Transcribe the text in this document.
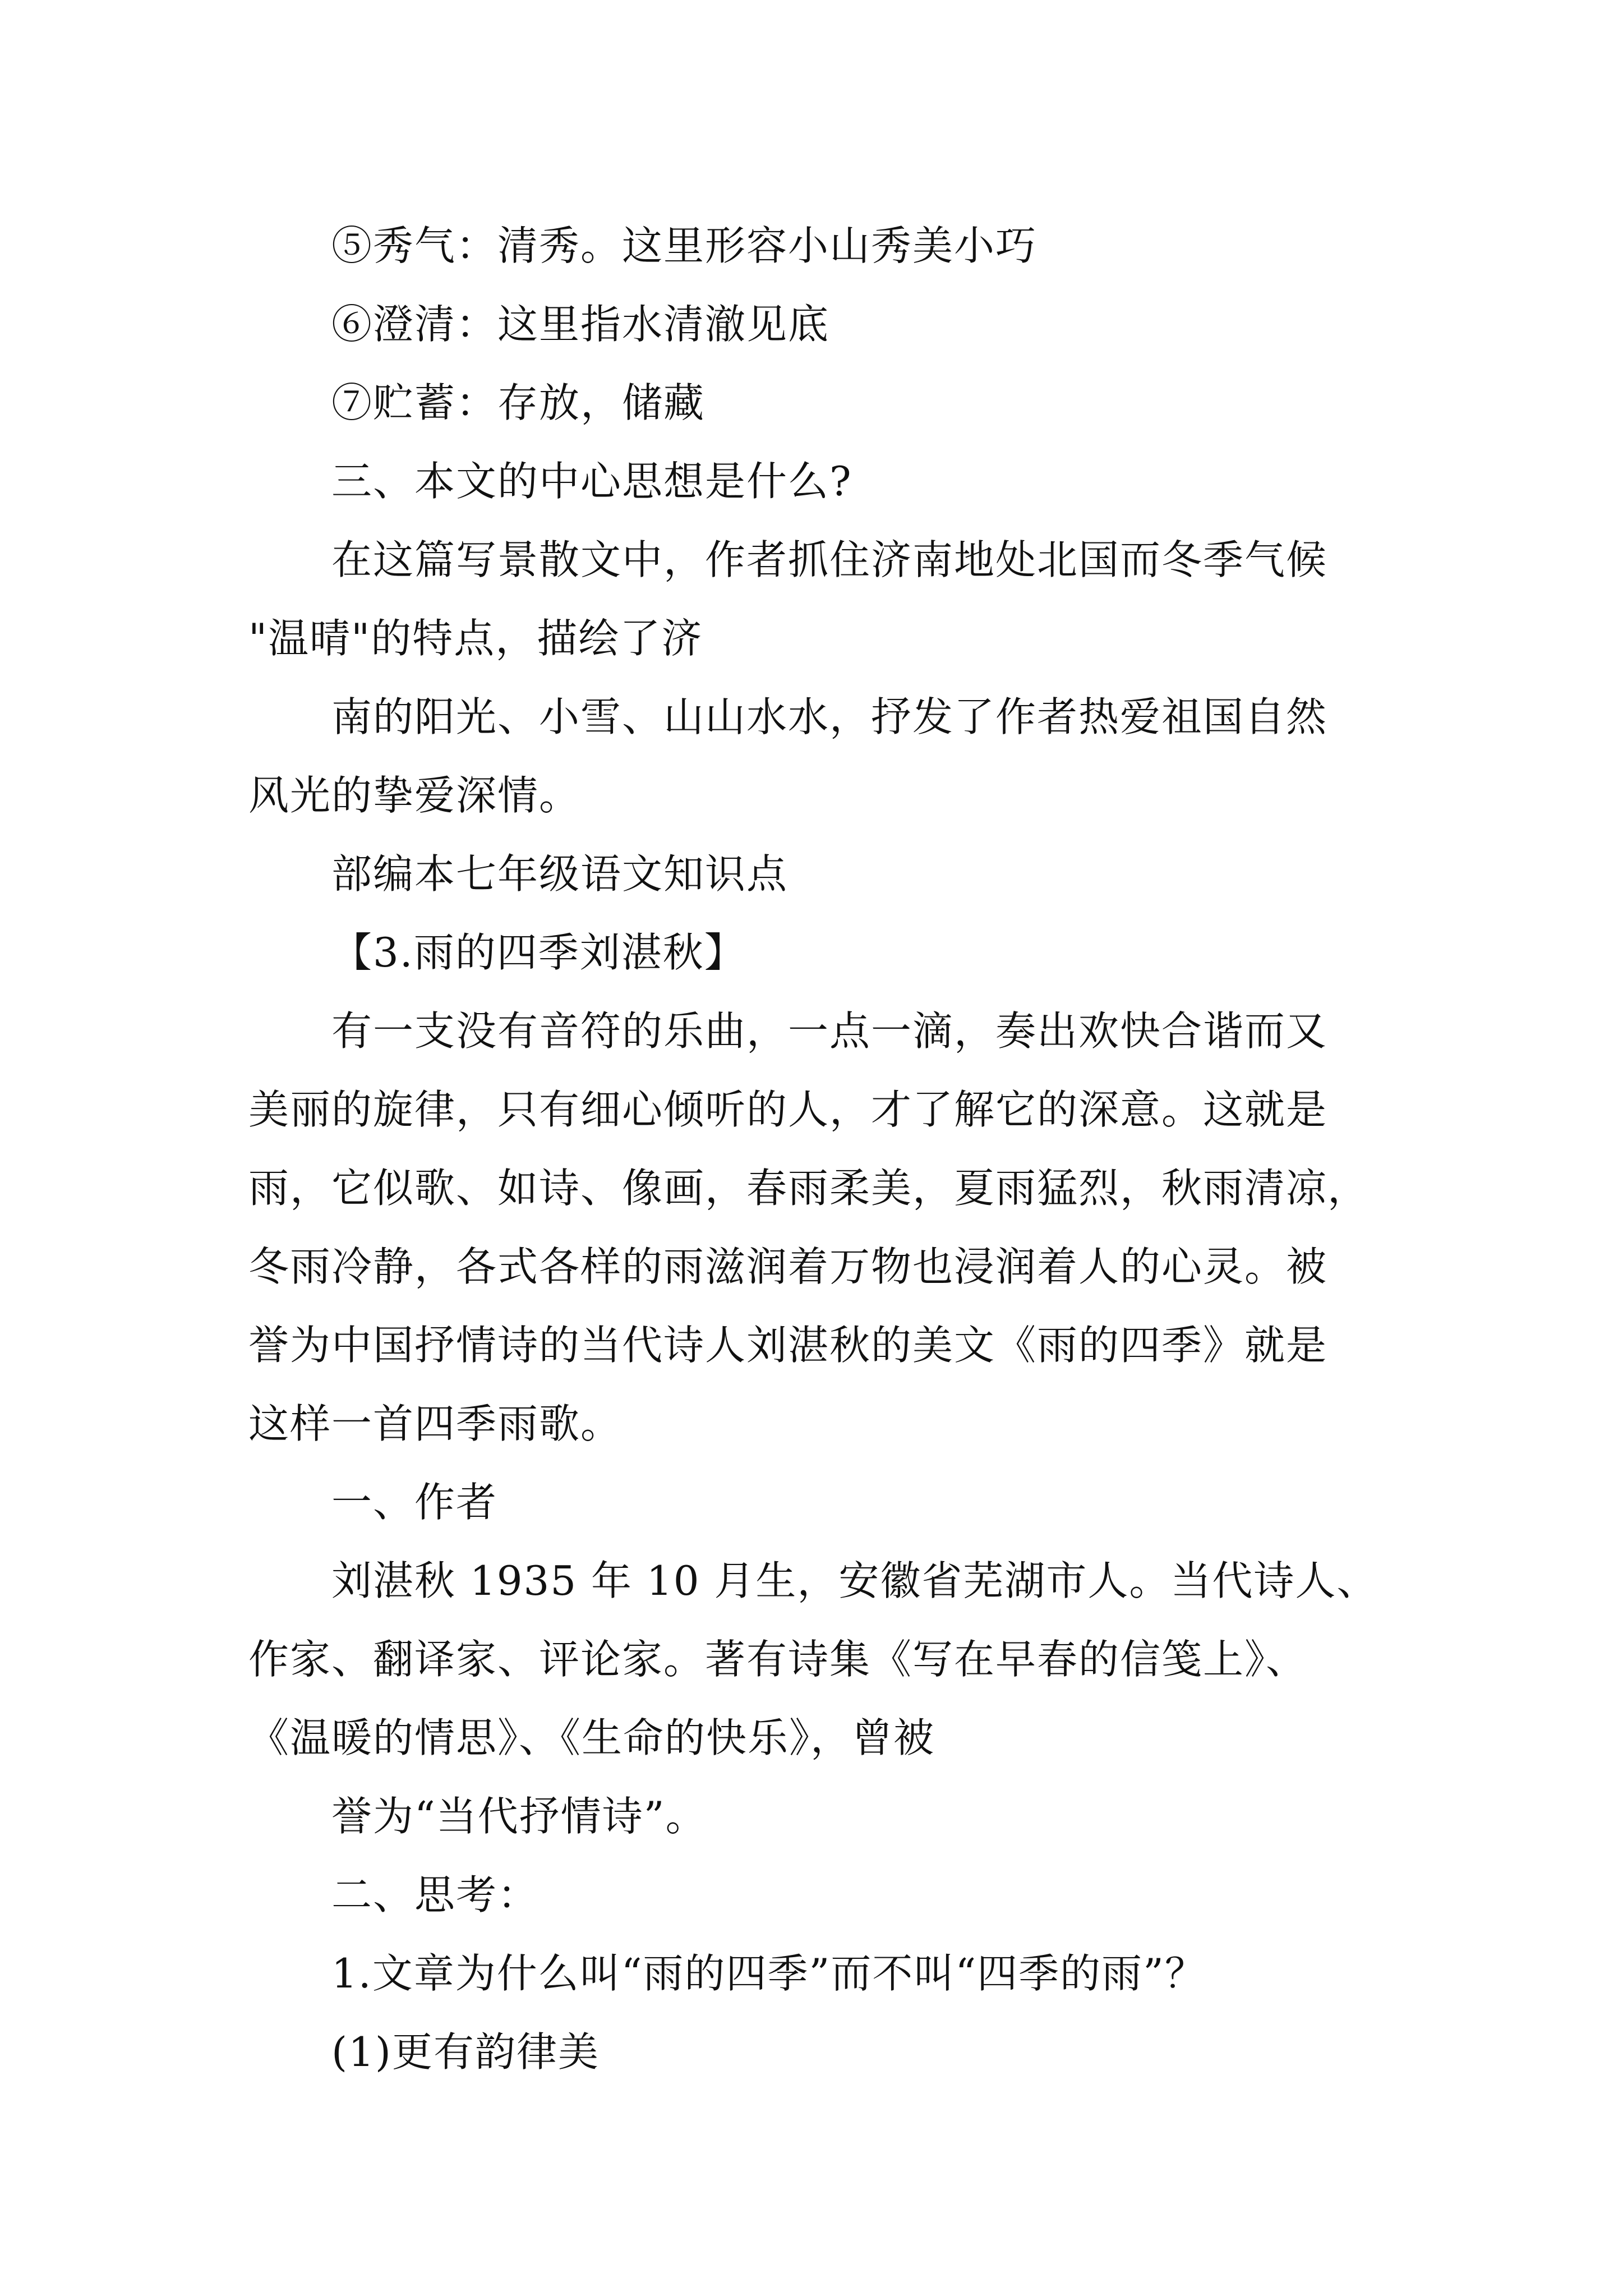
⑤秀气：清秀。这里形容小山秀美小巧

⑥澄清：这里指水清澈见底

⑦贮蓄：存放，储藏

三、本文的中心思想是什么?

在这篇写景散文中，作者抓住济南地处北国而冬季气候
"温晴"的特点，描绘了济

南的阳光、小雪、山山水水，抒发了作者热爱祖国自然
风光的挚爱深情。

部编本七年级语文知识点

【3.雨的四季刘湛秋】

有一支没有音符的乐曲，一点一滴，奏出欢快合谐而又
美丽的旋律，只有细心倾听的人，才了解它的深意。这就是
雨，它似歌、如诗、像画，春雨柔美，夏雨猛烈，秋雨清凉，
冬雨冷静，各式各样的雨滋润着万物也浸润着人的心灵。被
誉为中国抒情诗的当代诗人刘湛秋的美文《雨的四季》就是
这样一首四季雨歌。

一、作者

刘湛秋 1935 年 10 月生，安徽省芜湖市人。当代诗人、
作家、翻译家、评论家。著有诗集《写在早春的信笺上》、
《温暖的情思》、《生命的快乐》，曾被

誉为“当代抒情诗”。

二、思考：

1.文章为什么叫“雨的四季”而不叫“四季的雨”？

(1)更有韵律美
